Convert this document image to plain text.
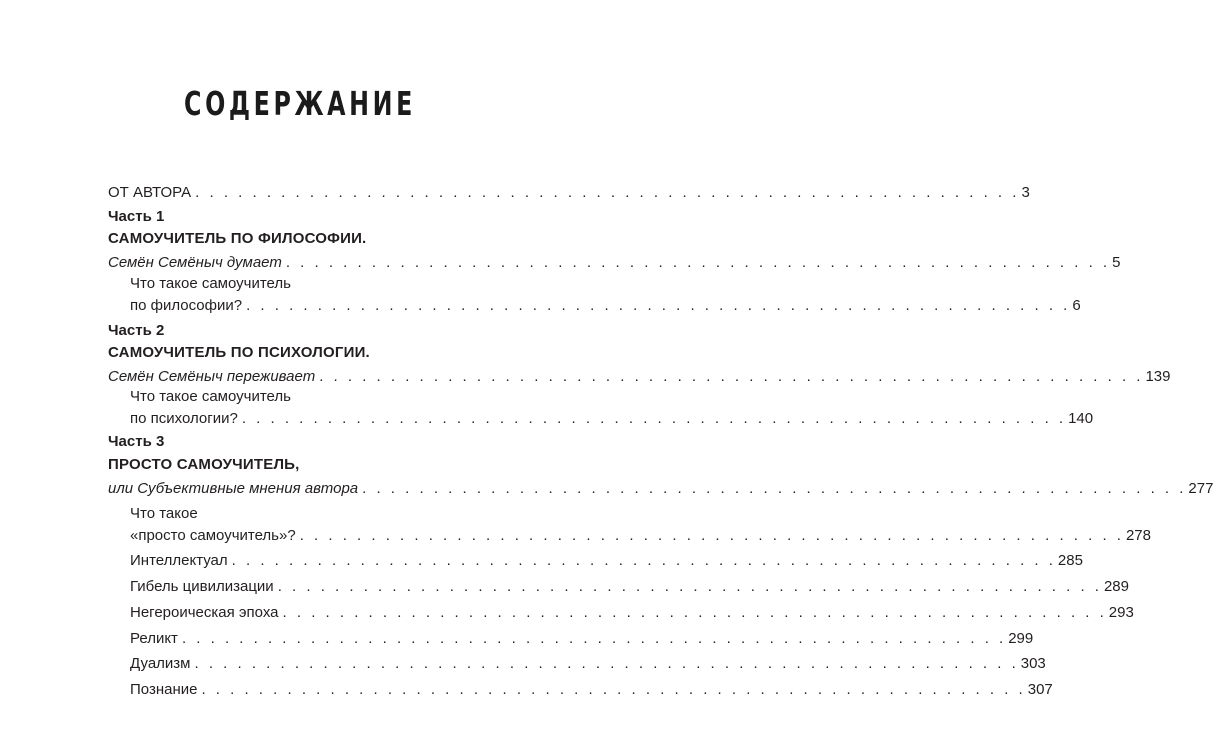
СОДЕРЖАНИЕ
ОТ АВТОРА . . . . . . . . . . . . . . . . . . . . . . . . . . . . . . . . . . . . . . . . . . . . . . . . . . . . . . . . . . 3
Часть 1
САМОУЧИТЕЛЬ ПО ФИЛОСОФИИ.
Семён Семёныч думает . . . . . . . . . . . . . . . . . . . . . . . . . . . . . . . . . . . . . . . . . . . . . . . . . . . . . . . . . . 5
Что такое самоучитель
по философии? . . . . . . . . . . . . . . . . . . . . . . . . . . . . . . . . . . . . . . . . . . . . . . . . . . . . . . . . . . 6
Часть 2
САМОУЧИТЕЛЬ ПО ПСИХОЛОГИИ.
Семён Семёныч переживает . . . . . . . . . . . . . . . . . . . . . . . . . . . . . . . . . . . . . . . . . . . . . . . . . . . . . . . . . . 139
Что такое самоучитель
по психологии? . . . . . . . . . . . . . . . . . . . . . . . . . . . . . . . . . . . . . . . . . . . . . . . . . . . . . . . . . . 140
Часть 3
ПРОСТО САМОУЧИТЕЛЬ,
или Субъективные мнения автора . . . . . . . . . . . . . . . . . . . . . . . . . . . . . . . . . . . . . . . . . . . . . . . . . . . . . . . . . . 277
Что такое
«просто самоучитель»? . . . . . . . . . . . . . . . . . . . . . . . . . . . . . . . . . . . . . . . . . . . . . . . . . . . . . . . . . . 278
Интеллектуал . . . . . . . . . . . . . . . . . . . . . . . . . . . . . . . . . . . . . . . . . . . . . . . . . . . . . . . . . . 285
Гибель цивилизации . . . . . . . . . . . . . . . . . . . . . . . . . . . . . . . . . . . . . . . . . . . . . . . . . . . . . . . . . . 289
Негероическая эпоха . . . . . . . . . . . . . . . . . . . . . . . . . . . . . . . . . . . . . . . . . . . . . . . . . . . . . . . . . . 293
Реликт . . . . . . . . . . . . . . . . . . . . . . . . . . . . . . . . . . . . . . . . . . . . . . . . . . . . . . . . . . 299
Дуализм . . . . . . . . . . . . . . . . . . . . . . . . . . . . . . . . . . . . . . . . . . . . . . . . . . . . . . . . . . 303
Познание . . . . . . . . . . . . . . . . . . . . . . . . . . . . . . . . . . . . . . . . . . . . . . . . . . . . . . . . . . 307
